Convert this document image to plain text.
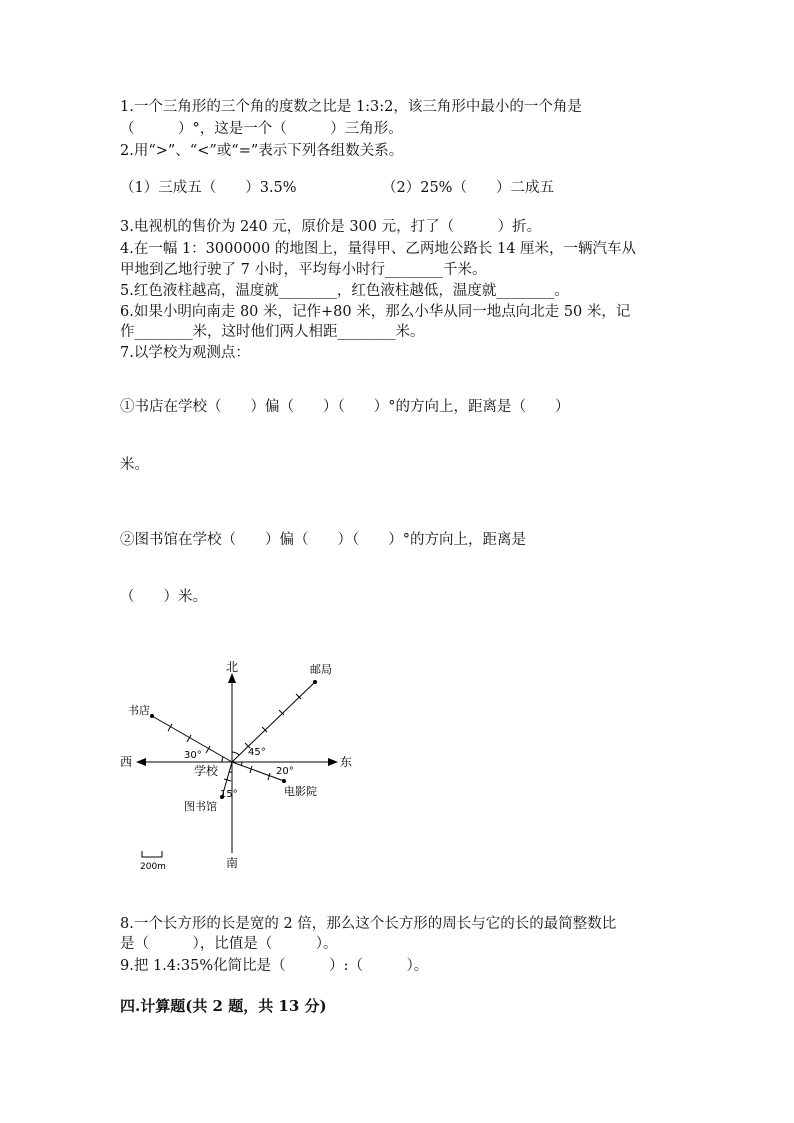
1.一个三角形的三个角的度数之比是 1:3:2，该三角形中最小的一个角是
（　　　）°，这是一个（　　　）三角形。
2.用“>”、“<”或“=”表示下列各组数关系。
（1）三成五（　　）3.5%	（2）25%（　　）二成五
3.电视机的售价为 240 元，原价是 300 元，打了（　　　）折。
4.在一幅 1：3000000 的地图上，量得甲、乙两地公路长 14 厘米，一辆汽车从
甲地到乙地行驶了 7 小时，平均每小时行________千米。
5.红色液柱越高，温度就________，红色液柱越低，温度就________。
6.如果小明向南走 80 米，记作+80 米，那么小华从同一地点向北走 50 米，记
作________米，这时他们两人相距________米。
7.以学校为观测点：
①书店在学校（　　）偏（　　）（　　）°的方向上，距离是（　　）
米。
②图书馆在学校（　　）偏（　　）（　　）°的方向上，距离是
（　　）米。
北
南
东
西
学校
书店
邮局
图书馆
电影院
30°	45°
20°
15°
200m
8.一个长方形的长是宽的 2 倍，那么这个长方形的周长与它的长的最简整数比
是（　　　），比值是（　　　）。
9.把 1.4:35%化简比是（　　　）:（　　　）。
四.计算题(共 2 题，共 13 分)
